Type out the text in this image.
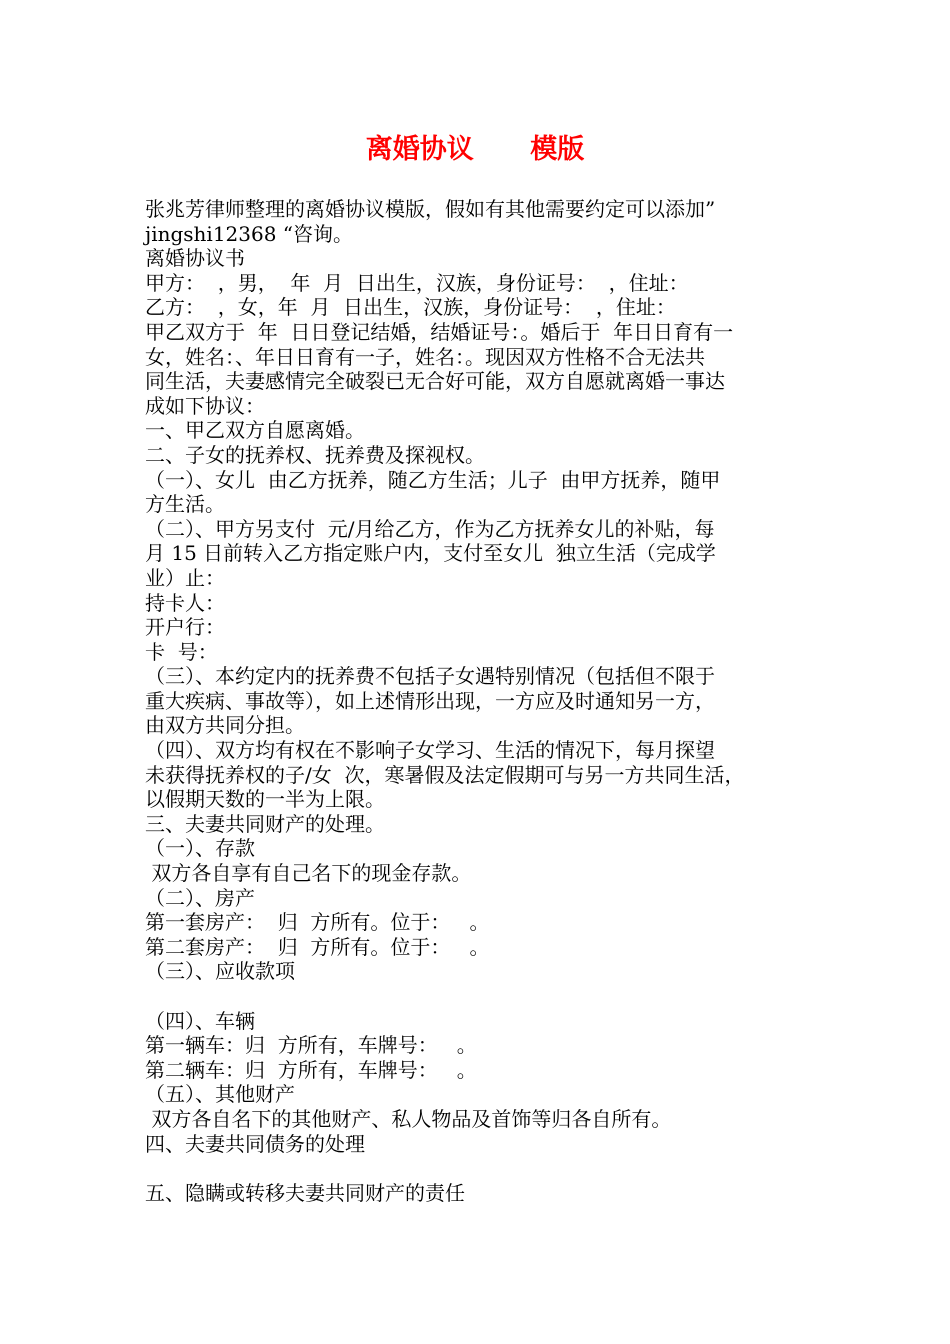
离婚协议      模版
张兆芳律师整理的离婚协议模版，假如有其他需要约定可以添加”
jingshi12368 “咨询。
离婚协议书
甲方：  ，男，  年  月  日出生，汉族，身份证号：  ，住址：
乙方：  ，女，年  月  日出生，汉族，身份证号：  ，住址：
甲乙双方于  年  日日登记结婚，结婚证号：。婚后于  年日日育有一
女，姓名：、年日日育有一子，姓名：。现因双方性格不合无法共
同生活，夫妻感情完全破裂已无合好可能，双方自愿就离婚一事达
成如下协议：
一、甲乙双方自愿离婚。
二、子女的抚养权、抚养费及探视权。
（一）、女儿  由乙方抚养，随乙方生活；儿子  由甲方抚养，随甲
方生活。
（二）、甲方另支付  元/月给乙方，作为乙方抚养女儿的补贴，每
月 15 日前转入乙方指定账户内，支付至女儿  独立生活（完成学
业）止：
持卡人：
开户行：
卡  号：
（三）、本约定内的抚养费不包括子女遇特别情况（包括但不限于
重大疾病、事故等），如上述情形出现，一方应及时通知另一方，
由双方共同分担。
（四）、双方均有权在不影响子女学习、生活的情况下，每月探望
未获得抚养权的子/女  次，寒暑假及法定假期可与另一方共同生活，
以假期天数的一半为上限。
三、夫妻共同财产的处理。
（一）、存款
双方各自享有自己名下的现金存款。
（二）、房产
第一套房产：  归  方所有。位于：   。
第二套房产：  归  方所有。位于：   。
（三）、应收款项
（四）、车辆
第一辆车：归  方所有，车牌号：   。
第二辆车：归  方所有，车牌号：   。
（五）、其他财产
双方各自名下的其他财产、私人物品及首饰等归各自所有。
四、夫妻共同债务的处理
五、隐瞒或转移夫妻共同财产的责任
